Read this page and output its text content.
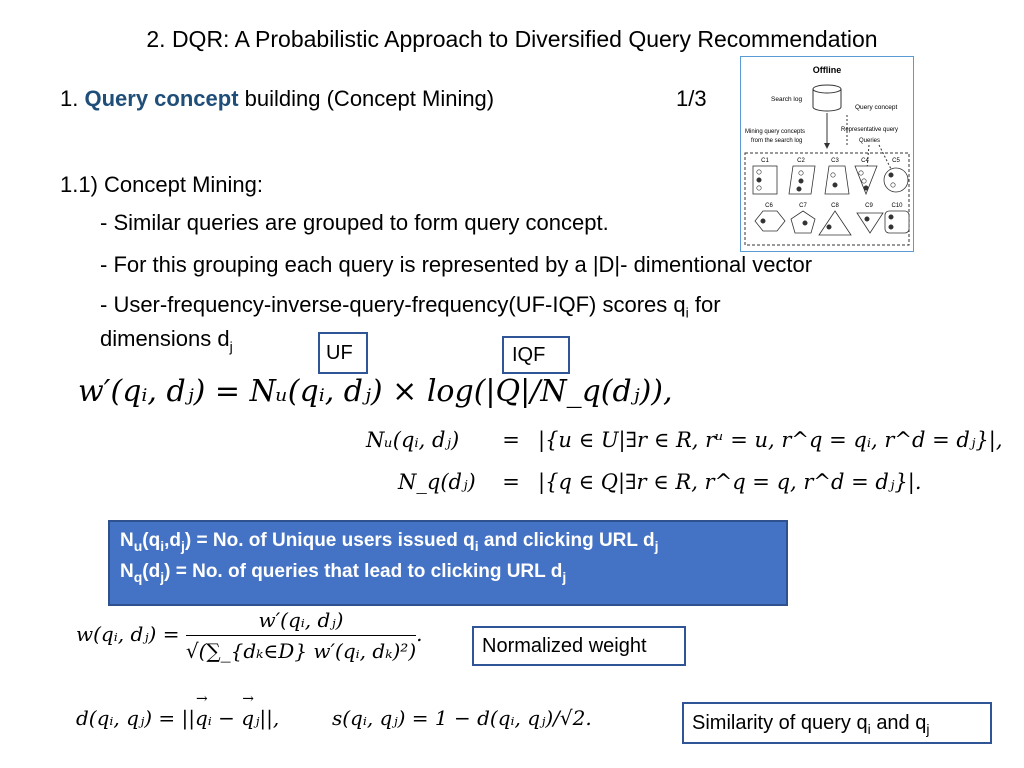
2. DQR: A Probabilistic Approach to Diversified Query Recommendation
1. Query concept building (Concept Mining)	1/3
1.1) Concept Mining:
- Similar queries are grouped to form query concept.
- For this grouping each query is represented by a |D|- dimentional vector
- User-frequency-inverse-query-frequency(UF-IQF) scores $q_i$ for
dimensions $d_j$	UF	IQF
w′(qᵢ, dⱼ) = Nᵤ(qᵢ, dⱼ) × log(|Q|/N_q(dⱼ)),
Nᵤ(qᵢ, dⱼ) = |{u ∈ U|∃r ∈ R, rᵘ = u, r^q = qᵢ, r^d = dⱼ}|,
N_q(dⱼ) = |{q ∈ Q|∃r ∈ R, r^q = q, r^d = dⱼ}|.
$N_u(q_i,d_j) = No$. of Unique users issued $q_i$ and clicking URL $d_j$
$N_q(d_j) = No$. of queries that lead to clicking URL $d_j$
w(qᵢ, dⱼ) = $\frac{\text{w′(qᵢ, dⱼ)}}{\text{√(∑\_\{dₖ∈D\} w′(qᵢ, dₖ)²)}}$ .	Normalized weight
d(qᵢ, qⱼ) = ||qᵢ → − qⱼ →||,	s(qᵢ, qⱼ) = 1 − d(qᵢ, qⱼ)/√2.	Similarity of query $q_i$ and $q_j$
Offline
Search log
Query concept
Mining query concepts
from the search log
Representative query
Queries
C1	C2	C3	C4	C5
C6	C7	C8	C9	C10
